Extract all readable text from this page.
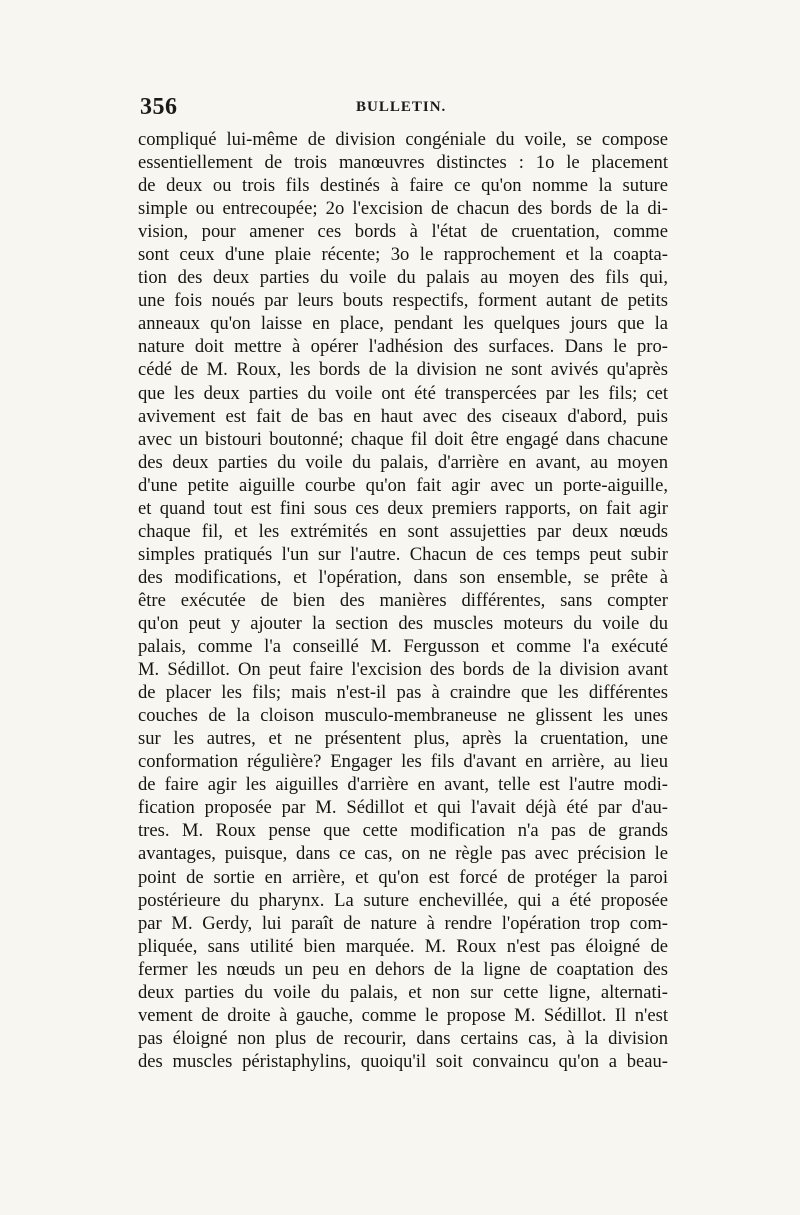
356	BULLETIN.
compliqué lui-même de division congéniale du voile, se compose
essentiellement de trois manœuvres distinctes : 1o le placement
de deux ou trois fils destinés à faire ce qu'on nomme la suture
simple ou entrecoupée; 2o l'excision de chacun des bords de la di-
vision, pour amener ces bords à l'état de cruentation, comme
sont ceux d'une plaie récente; 3o le rapprochement et la coapta-
tion des deux parties du voile du palais au moyen des fils qui,
une fois noués par leurs bouts respectifs, forment autant de petits
anneaux qu'on laisse en place, pendant les quelques jours que la
nature doit mettre à opérer l'adhésion des surfaces. Dans le pro-
cédé de M. Roux, les bords de la division ne sont avivés qu'après
que les deux parties du voile ont été transpercées par les fils; cet
avivement est fait de bas en haut avec des ciseaux d'abord, puis
avec un bistouri boutonné; chaque fil doit être engagé dans chacune
des deux parties du voile du palais, d'arrière en avant, au moyen
d'une petite aiguille courbe qu'on fait agir avec un porte-aiguille,
et quand tout est fini sous ces deux premiers rapports, on fait agir
chaque fil, et les extrémités en sont assujetties par deux nœuds
simples pratiqués l'un sur l'autre. Chacun de ces temps peut subir
des modifications, et l'opération, dans son ensemble, se prête à
être exécutée de bien des manières différentes, sans compter
qu'on peut y ajouter la section des muscles moteurs du voile du
palais, comme l'a conseillé M. Fergusson et comme l'a exécuté
M. Sédillot. On peut faire l'excision des bords de la division avant
de placer les fils; mais n'est-il pas à craindre que les différentes
couches de la cloison musculo-membraneuse ne glissent les unes
sur les autres, et ne présentent plus, après la cruentation, une
conformation régulière? Engager les fils d'avant en arrière, au lieu
de faire agir les aiguilles d'arrière en avant, telle est l'autre modi-
fication proposée par M. Sédillot et qui l'avait déjà été par d'au-
tres. M. Roux pense que cette modification n'a pas de grands
avantages, puisque, dans ce cas, on ne règle pas avec précision le
point de sortie en arrière, et qu'on est forcé de protéger la paroi
postérieure du pharynx. La suture enchevillée, qui a été proposée
par M. Gerdy, lui paraît de nature à rendre l'opération trop com-
pliquée, sans utilité bien marquée. M. Roux n'est pas éloigné de
fermer les nœuds un peu en dehors de la ligne de coaptation des
deux parties du voile du palais, et non sur cette ligne, alternati-
vement de droite à gauche, comme le propose M. Sédillot. Il n'est
pas éloigné non plus de recourir, dans certains cas, à la division
des muscles péristaphylins, quoiqu'il soit convaincu qu'on a beau-
